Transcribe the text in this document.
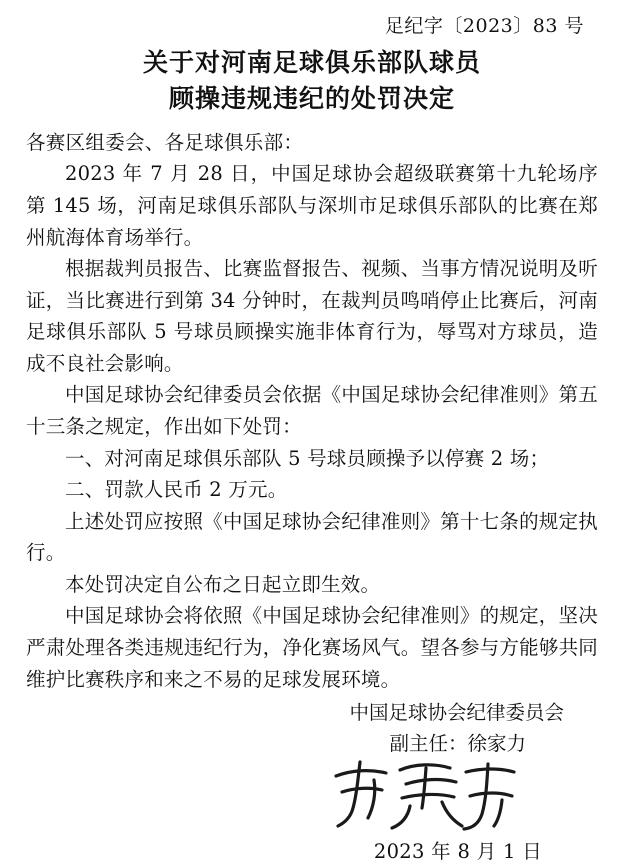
足纪字〔2023〕83 号
关于对河南足球俱乐部队球员
顾操违规违纪的处罚决定
各赛区组委会、各足球俱乐部：

2023 年 7 月 28 日，中国足球协会超级联赛第十九轮场序第 145 场，河南足球俱乐部队与深圳市足球俱乐部队的比赛在郑州航海体育场举行。

根据裁判员报告、比赛监督报告、视频、当事方情况说明及听证，当比赛进行到第 34 分钟时，在裁判员鸣哨停止比赛后，河南足球俱乐部队 5 号球员顾操实施非体育行为，辱骂对方球员，造成不良社会影响。

中国足球协会纪律委员会依据《中国足球协会纪律准则》第五十三条之规定，作出如下处罚：

一、对河南足球俱乐部队 5 号球员顾操予以停赛 2 场；

二、罚款人民币 2 万元。

上述处罚应按照《中国足球协会纪律准则》第十七条的规定执行。

本处罚决定自公布之日起立即生效。

中国足球协会将依照《中国足球协会纪律准则》的规定，坚决严肃处理各类违规违纪行为，净化赛场风气。望各参与方能够共同维护比赛秩序和来之不易的足球发展环境。

中国足球协会纪律委员会
副主任：徐家力
2023 年 8 月 1 日
